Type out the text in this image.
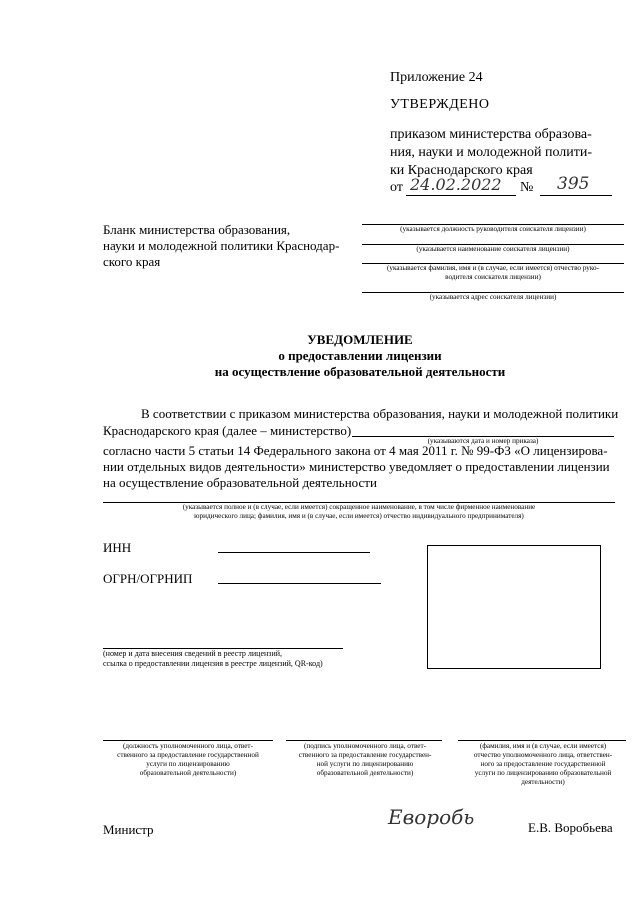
Приложение 24
УТВЕРЖДЕНО
приказом министерства образова-
ния, науки и молодежной полити-
ки Краснодарского края
от 24.02.2022 № 395
Бланк министерства образования,
науки и молодежной политики Краснодар-
ского края
(указывается должность руководителя соискателя лицензии)
(указывается наименование соискателя лицензии)
(указывается фамилия, имя и (в случае, если имеется) отчество руко-
водителя соискателя лицензии)
(указывается адрес соискателя лицензии)
УВЕДОМЛЕНИЕ
о предоставлении лицензии
на осуществление образовательной деятельности
В соответствии с приказом министерства образования, науки и молодежной политики
Краснодарского края (далее – министерство)
(указываются дата и номер приказа)
согласно части 5 статьи 14 Федерального закона от 4 мая 2011 г. № 99-ФЗ «О лицензирова-
нии отдельных видов деятельности» министерство уведомляет о предоставлении лицензии
на осуществление образовательной деятельности
(указывается полное и (в случае, если имеется) сокращенное наименование, в том числе фирменное наименование
юридического лица; фамилия, имя и (в случае, если имеется) отчество индивидуального предпринимателя)
ИНН
ОГРН/ОГРНИП
(номер и дата внесения сведений в реестр лицензий,
ссылка о предоставлении лицензия в реестре лицензий, QR-код)
(должность уполномоченного лица, ответ-
ственного за предоставление государственной
услуги по лицензированию
образовательной деятельности)
(подпись уполномоченного лица, ответ-
ственного за предоставление государствен-
ной услуги по лицензированию
образовательной деятельности)
(фамилия, имя и (в случае, если имеется)
отчество уполномоченного лица, ответствен-
ного за предоставление государственной
услуги по лицензированию образовательной
деятельности)
Министр
Еворобь	Е.В. Воробьева
